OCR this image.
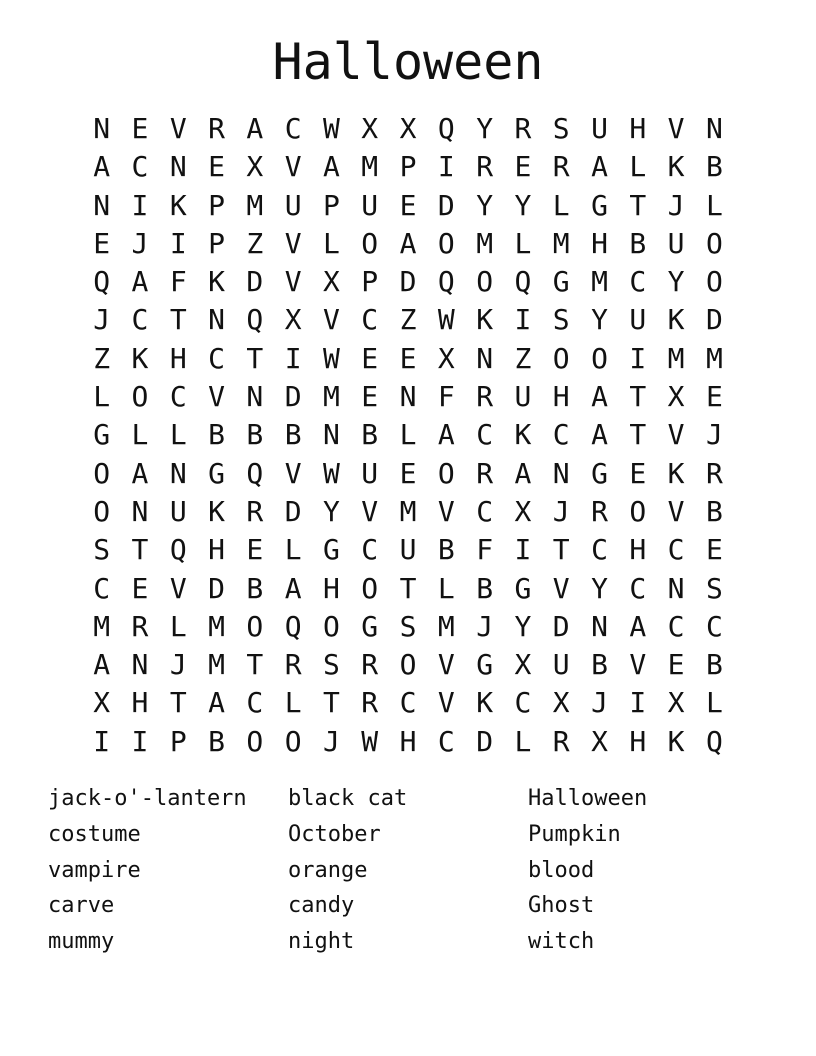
Halloween
N E V R A C W X X Q Y R S U H V N
A C N E X V A M P I R E R A L K B
N I K P M U P U E D Y Y L G T J L
E J I P Z V L O A O M L M H B U O
Q A F K D V X P D Q O Q G M C Y O
J C T N Q X V C Z W K I S Y U K D
Z K H C T I W E E X N Z O O I M M
L O C V N D M E N F R U H A T X E
G L L B B B N B L A C K C A T V J
O A N G Q V W U E O R A N G E K R
O N U K R D Y V M V C X J R O V B
S T Q H E L G C U B F I T C H C E
C E V D B A H O T L B G V Y C N S
M R L M O Q O G S M J Y D N A C C
A N J M T R S R O V G X U B V E B
X H T A C L T R C V K C X J I X L
I I P B O O J W H C D L R X H K Q
jack-o'-lantern
costume
vampire
carve
mummy
black cat
October
orange
candy
night
Halloween
Pumpkin
blood
Ghost
witch
